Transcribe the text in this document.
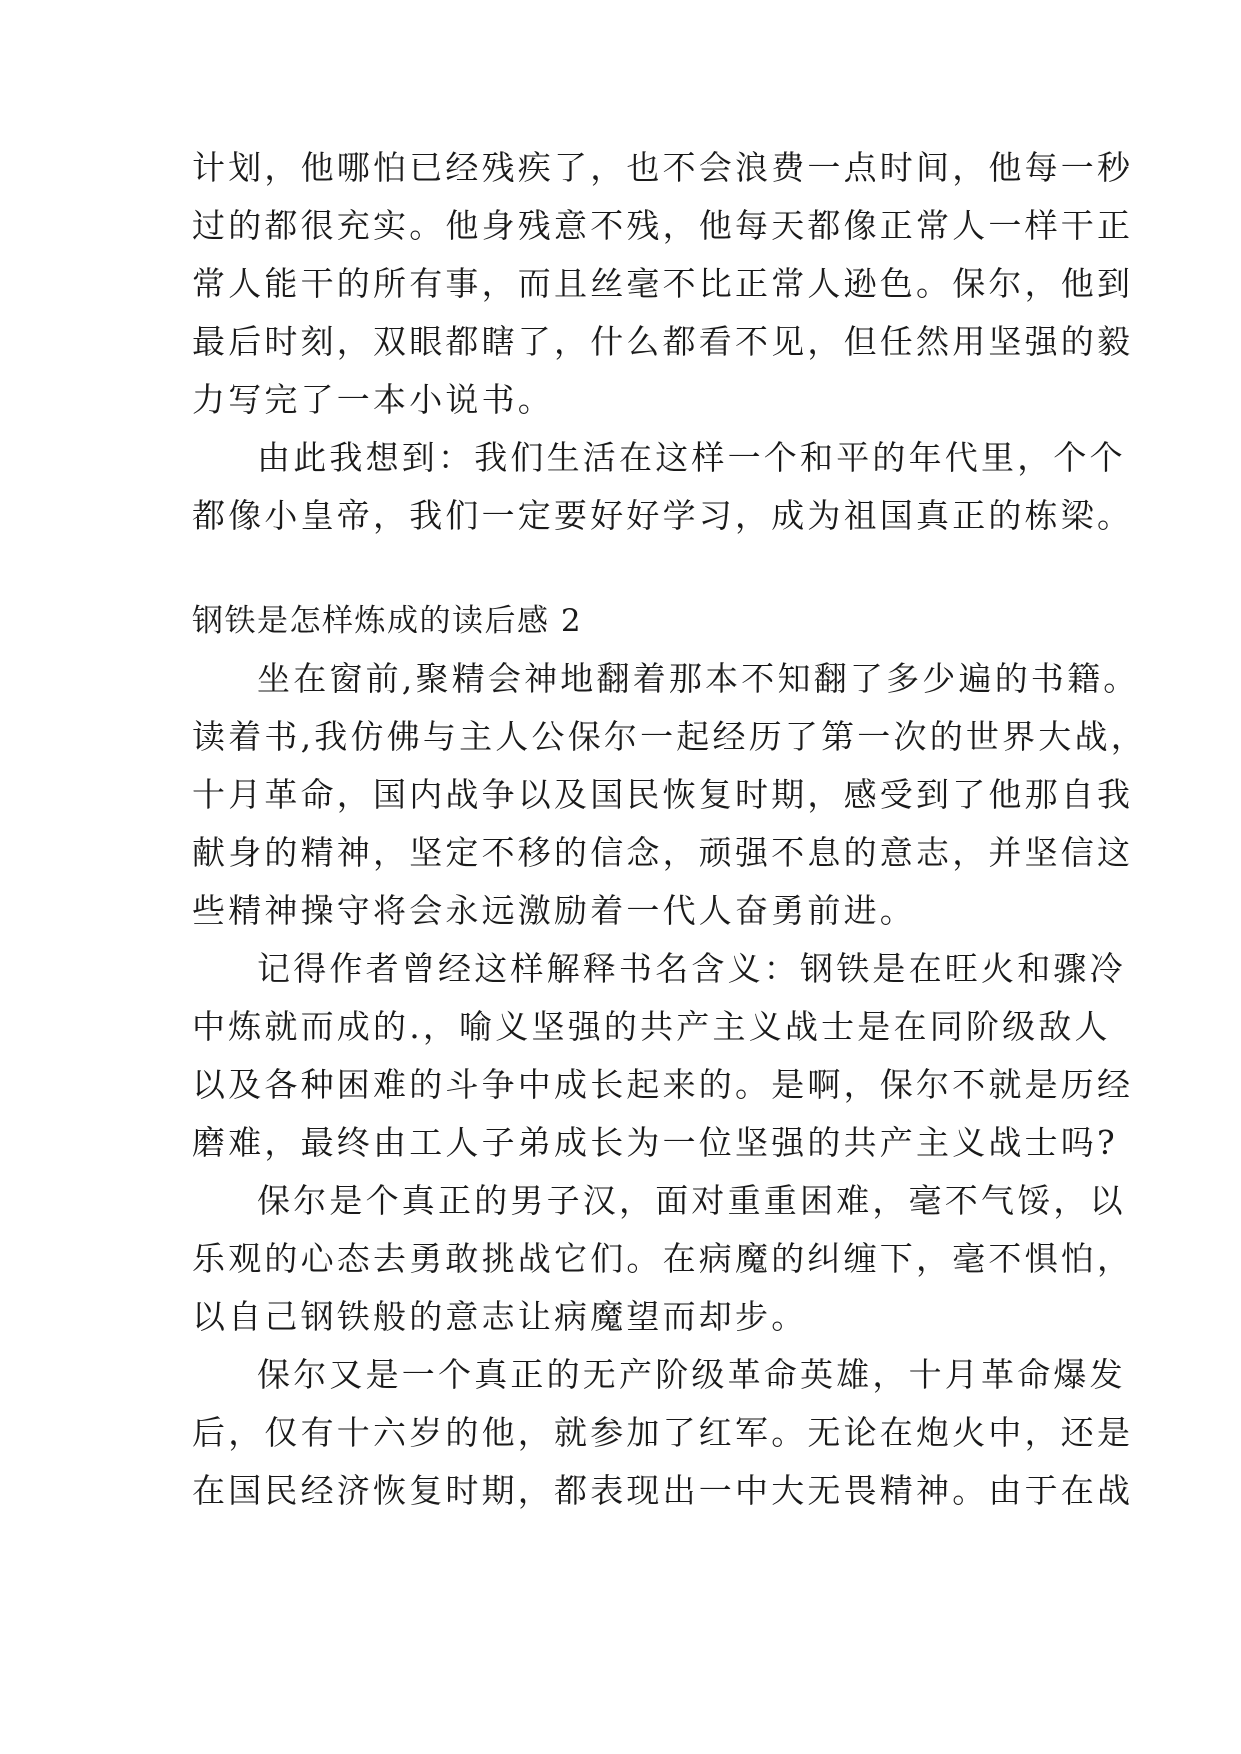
计划，他哪怕已经残疾了，也不会浪费一点时间，他每一秒
过的都很充实。他身残意不残，他每天都像正常人一样干正
常人能干的所有事，而且丝毫不比正常人逊色。保尔，他到
最后时刻，双眼都瞎了，什么都看不见，但任然用坚强的毅
力写完了一本小说书。
由此我想到：我们生活在这样一个和平的年代里，个个
都像小皇帝，我们一定要好好学习，成为祖国真正的栋梁。
钢铁是怎样炼成的读后感 2
坐在窗前,聚精会神地翻着那本不知翻了多少遍的书籍。
读着书,我仿佛与主人公保尔一起经历了第一次的世界大战，
十月革命，国内战争以及国民恢复时期，感受到了他那自我
献身的精神，坚定不移的信念，顽强不息的意志，并坚信这
些精神操守将会永远激励着一代人奋勇前进。
记得作者曾经这样解释书名含义：钢铁是在旺火和骤冷
中炼就而成的.，喻义坚强的共产主义战士是在同阶级敌人
以及各种困难的斗争中成长起来的。是啊，保尔不就是历经
磨难，最终由工人子弟成长为一位坚强的共产主义战士吗?
保尔是个真正的男子汉，面对重重困难，毫不气馁，以
乐观的心态去勇敢挑战它们。在病魔的纠缠下，毫不惧怕，
以自己钢铁般的意志让病魔望而却步。
保尔又是一个真正的无产阶级革命英雄，十月革命爆发
后，仅有十六岁的他，就参加了红军。无论在炮火中，还是
在国民经济恢复时期，都表现出一中大无畏精神。由于在战
